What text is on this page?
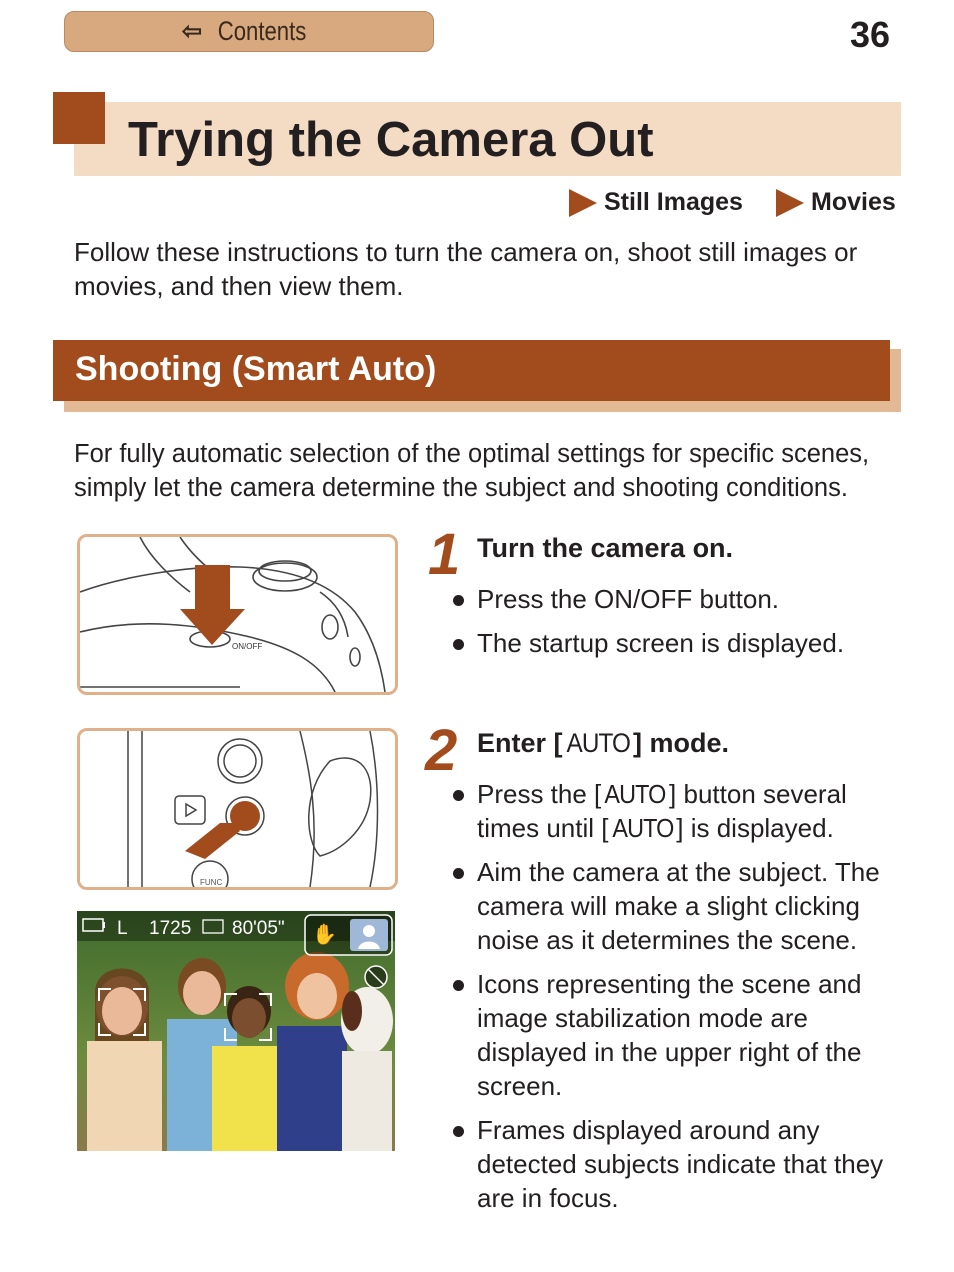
⇦ Contents	36
Trying the Camera Out
Still Images	Movies
Follow these instructions to turn the camera on, shoot still images or movies, and then view them.
Shooting (Smart Auto)
For fully automatic selection of the optimal settings for specific scenes, simply let the camera determine the subject and shooting conditions.
ON/OFF
FUNC
L 1725 80'05" ✋
1 Turn the camera on.
Press the ON/OFF button.
The startup screen is displayed.
2 Enter [ AUTO ] mode.
Press the [ AUTO ] button several times until [ AUTO ] is displayed.
Aim the camera at the subject. The camera will make a slight clicking noise as it determines the scene.
Icons representing the scene and image stabilization mode are displayed in the upper right of the screen.
Frames displayed around any detected subjects indicate that they are in focus.
